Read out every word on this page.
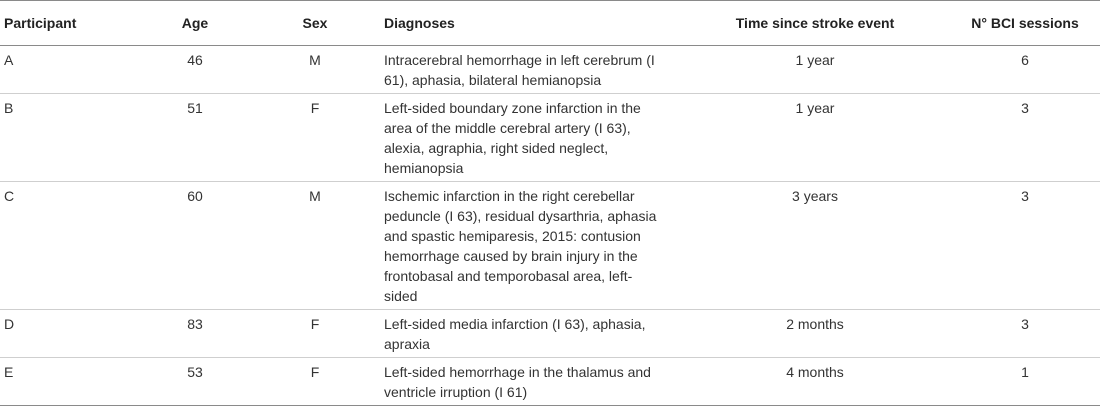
Participant	Age	Sex	Diagnoses	Time since stroke event	N° BCI sessions
A	46	M	Intracerebral hemorrhage in left cerebrum (I 61), aphasia, bilateral hemianopsia	1 year	6
B	51	F	Left-sided boundary zone infarction in the area of the middle cerebral artery (I 63), alexia, agraphia, right sided neglect, hemianopsia	1 year	3
C	60	M	Ischemic infarction in the right cerebellar peduncle (I 63), residual dysarthria, aphasia and spastic hemiparesis, 2015: contusion hemorrhage caused by brain injury in the frontobasal and temporobasal area, left-sided	3 years	3
D	83	F	Left-sided media infarction (I 63), aphasia, apraxia	2 months	3
E	53	F	Left-sided hemorrhage in the thalamus and ventricle irruption (I 61)	4 months	1
